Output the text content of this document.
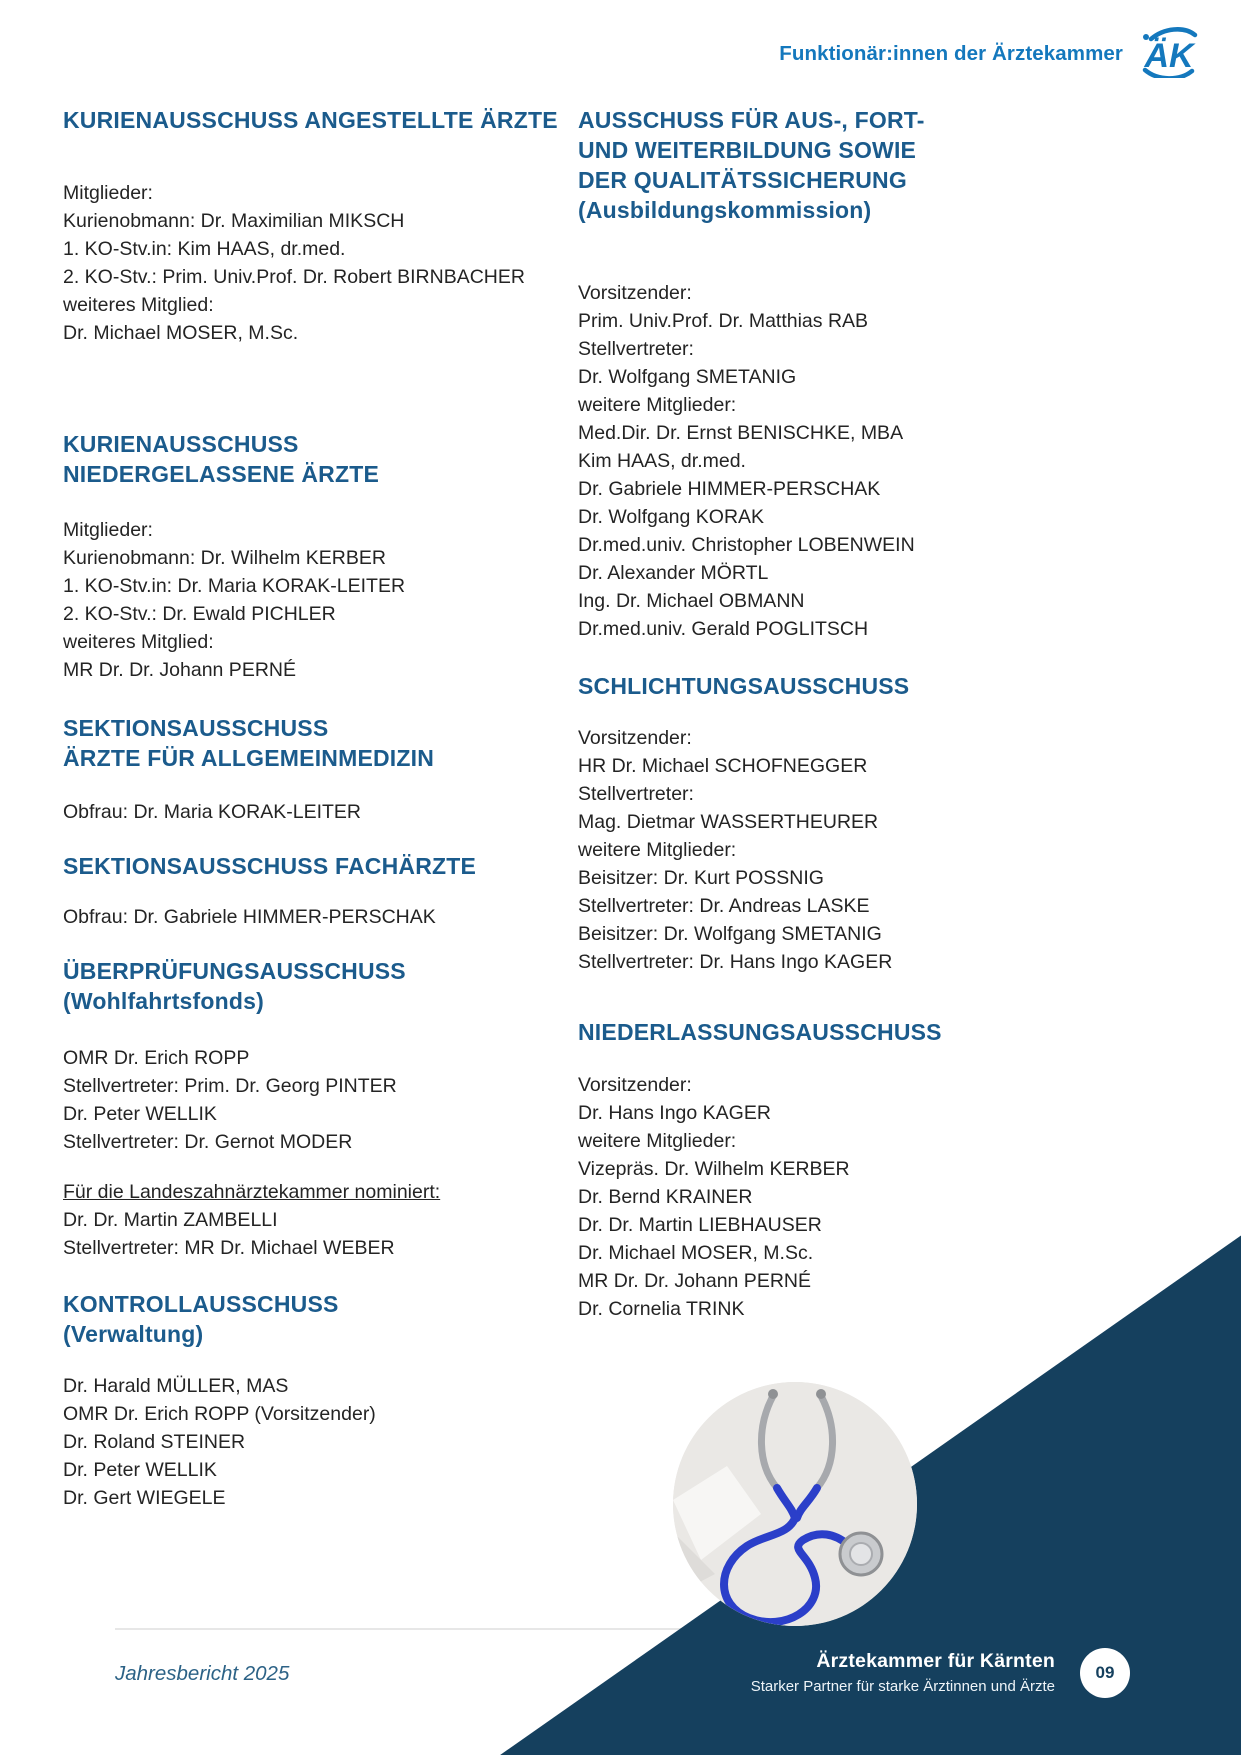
Funktionär:innen der Ärztekammer ÄK
KURIENAUSSCHUSS ANGESTELLTE ÄRZTE
Mitglieder:
Kurienobmann: Dr. Maximilian MIKSCH
1. KO-Stv.in: Kim HAAS, dr.med.
2. KO-Stv.: Prim. Univ.Prof. Dr. Robert BIRNBACHER
weiteres Mitglied:
Dr. Michael MOSER, M.Sc.
KURIENAUSSCHUSS
NIEDERGELASSENE ÄRZTE
Mitglieder:
Kurienobmann: Dr. Wilhelm KERBER
1. KO-Stv.in: Dr. Maria KORAK-LEITER
2. KO-Stv.: Dr. Ewald PICHLER
weiteres Mitglied:
MR Dr. Dr. Johann PERNÉ
SEKTIONSAUSSCHUSS
ÄRZTE FÜR ALLGEMEINMEDIZIN
Obfrau: Dr. Maria KORAK-LEITER
SEKTIONSAUSSCHUSS FACHÄRZTE
Obfrau: Dr. Gabriele HIMMER-PERSCHAK
ÜBERPRÜFUNGSAUSSCHUSS
(Wohlfahrtsfonds)
OMR Dr. Erich ROPP
Stellvertreter: Prim. Dr. Georg PINTER
Dr. Peter WELLIK
Stellvertreter: Dr. Gernot MODER
Für die Landeszahnärztekammer nominiert:
Dr. Dr. Martin ZAMBELLI
Stellvertreter: MR Dr. Michael WEBER
KONTROLLAUSSCHUSS
(Verwaltung)
Dr. Harald MÜLLER, MAS
OMR Dr. Erich ROPP (Vorsitzender)
Dr. Roland STEINER
Dr. Peter WELLIK
Dr. Gert WIEGELE
AUSSCHUSS FÜR AUS-, FORT-
UND WEITERBILDUNG SOWIE
DER QUALITÄTSSICHERUNG
(Ausbildungskommission)
Vorsitzender:
Prim. Univ.Prof. Dr. Matthias RAB
Stellvertreter:
Dr. Wolfgang SMETANIG
weitere Mitglieder:
Med.Dir. Dr. Ernst BENISCHKE, MBA
Kim HAAS, dr.med.
Dr. Gabriele HIMMER-PERSCHAK
Dr. Wolfgang KORAK
Dr.med.univ. Christopher LOBENWEIN
Dr. Alexander MÖRTL
Ing. Dr. Michael OBMANN
Dr.med.univ. Gerald POGLITSCH
SCHLICHTUNGSAUSSCHUSS
Vorsitzender:
HR Dr. Michael SCHOFNEGGER
Stellvertreter:
Mag. Dietmar WASSERTHEURER
weitere Mitglieder:
Beisitzer: Dr. Kurt POSSNIG
Stellvertreter: Dr. Andreas LASKE
Beisitzer: Dr. Wolfgang SMETANIG
Stellvertreter: Dr. Hans Ingo KAGER
NIEDERLASSUNGSAUSSCHUSS
Vorsitzender:
Dr. Hans Ingo KAGER
weitere Mitglieder:
Vizepräs. Dr. Wilhelm KERBER
Dr. Bernd KRAINER
Dr. Dr. Martin LIEBHAUSER
Dr. Michael MOSER, M.Sc.
MR Dr. Dr. Johann PERNÉ
Dr. Cornelia TRINK
Jahresbericht 2025
Ärztekammer für Kärnten
Starker Partner für starke Ärztinnen und Ärzte
09
